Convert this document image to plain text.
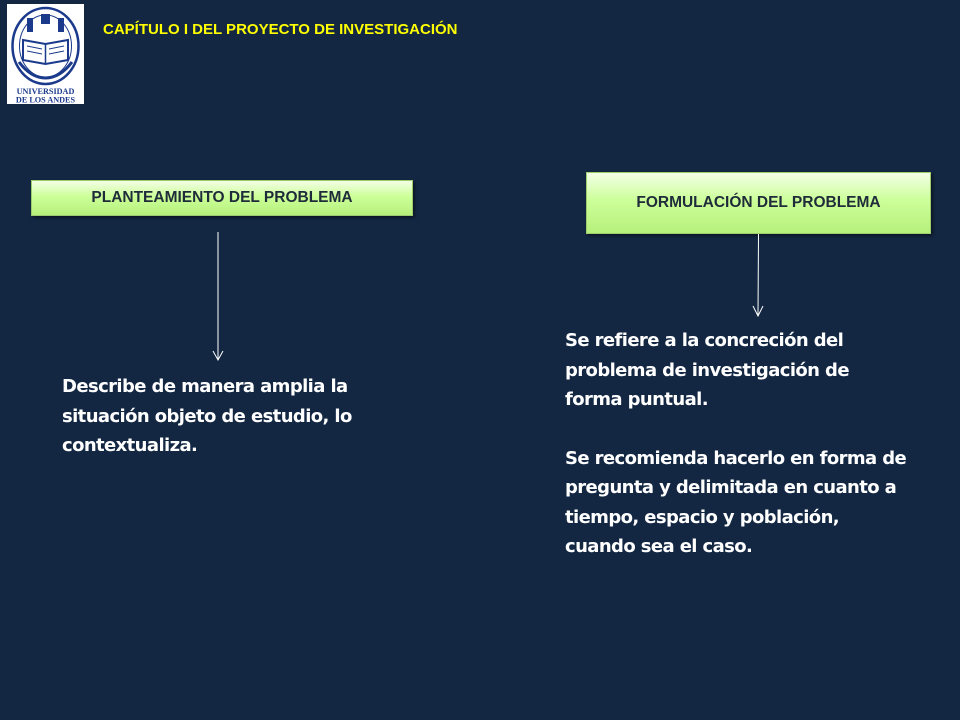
UNIVERSIDAD
DE LOS ANDES
CAPÍTULO I DEL PROYECTO DE INVESTIGACIÓN
PLANTEAMIENTO DEL PROBLEMA	FORMULACIÓN DEL PROBLEMA
Describe de manera amplia la situación objeto de estudio, lo contextualiza.

Se refiere a la concreción del problema de investigación de forma puntual.

Se recomienda hacerlo en forma de pregunta y delimitada en cuanto a tiempo, espacio y población, cuando sea el caso.
